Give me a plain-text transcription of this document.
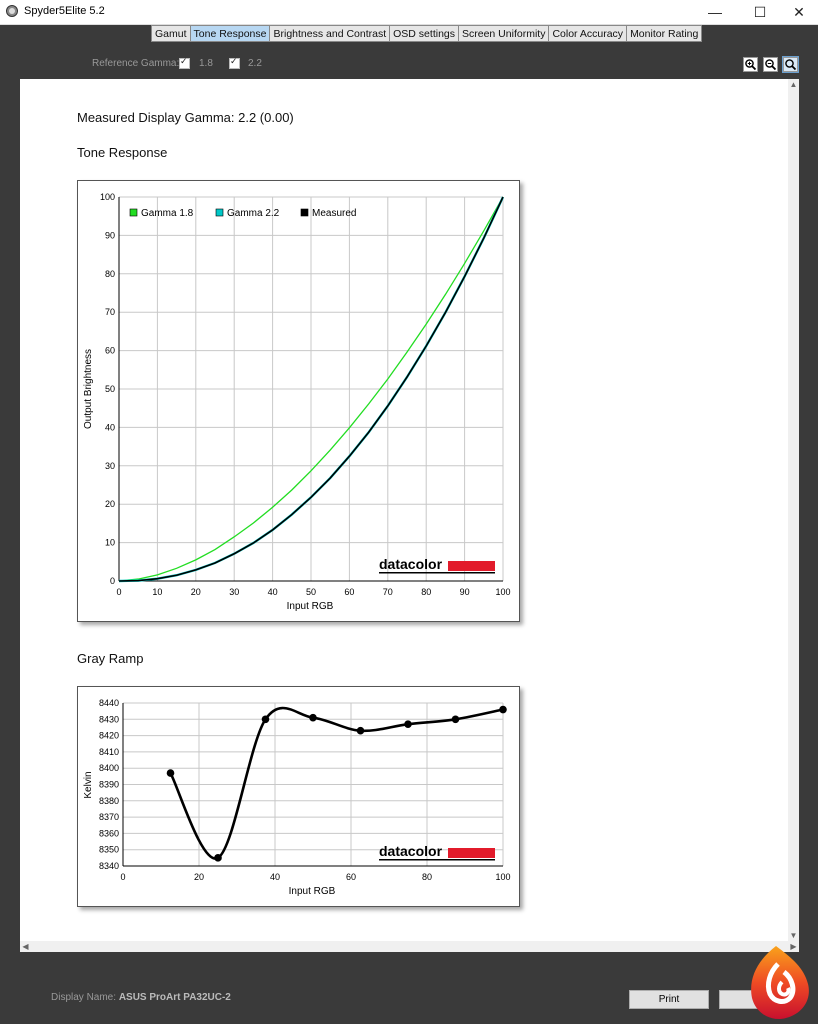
Spyder5Elite 5.2	—	☐	✕
Gamut Tone Response Brightness and Contrast OSD settings Screen Uniformity Color Accuracy Monitor Rating
Reference Gamma: ✓ 1.8 ✓	2.2
▲
▼
◀	▶
Measured Display Gamma: 2.2 (0.00)
Tone Response
Gray Ramp
0	10	20	30	40	50	60	70	80	90	100
0
10
20
30
40
50
60
70
80
90
100
Gamma 1.8	Gamma 2.2	Measured
Input RGB
Output Brightness
datacolor
0	20	40	60	80	100
8340
8350
8360
8370
8380
8390
8400
8410
8420
8430
8440
Input RGB
Kelvin
datacolor
Display Name: ASUS ProArt PA32UC-2	Print
